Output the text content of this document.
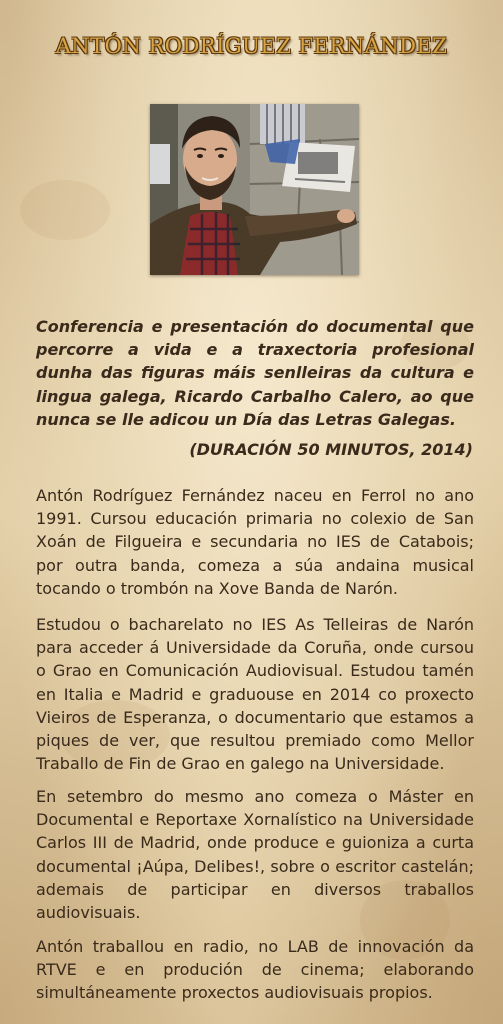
ANTÓN RODRÍGUEZ FERNÁNDEZ
Conferencia e presentación do documental que percorre a vida e a traxectoria profesional dunha das figuras máis senlleiras da cultura e lingua galega, Ricardo Carbalho Calero, ao que nunca se lle adicou un Día das Letras Galegas.
(DURACIÓN 50 MINUTOS, 2014)
Antón Rodríguez Fernández naceu en Ferrol no ano 1991. Cursou educación primaria no colexio de San Xoán de Filgueira e secundaria no IES de Catabois; por outra banda, comeza a súa andaina musical tocando o trombón na Xove Banda de Narón.
Estudou o bacharelato no IES As Telleiras de Narón para acceder á Universidade da Coruña, onde cursou o Grao en Comunicación Audiovisual. Estudou tamén en Italia e Madrid e graduouse en 2014 co proxecto Vieiros de Esperanza, o documentario que estamos a piques de ver, que resultou premiado como Mellor Traballo de Fin de Grao en galego na Universidade.
En setembro do mesmo ano comeza o Máster en Documental e Reportaxe Xornalístico na Universidade Carlos III de Madrid, onde produce e guioniza a curta documental ¡Aúpa, Delibes!, sobre o escritor castelán; ademais de participar en diversos traballos audiovisuais.
Antón traballou en radio, no LAB de innovación da RTVE e en produción de cinema; elaborando simultáneamente proxectos audiovisuais propios.
